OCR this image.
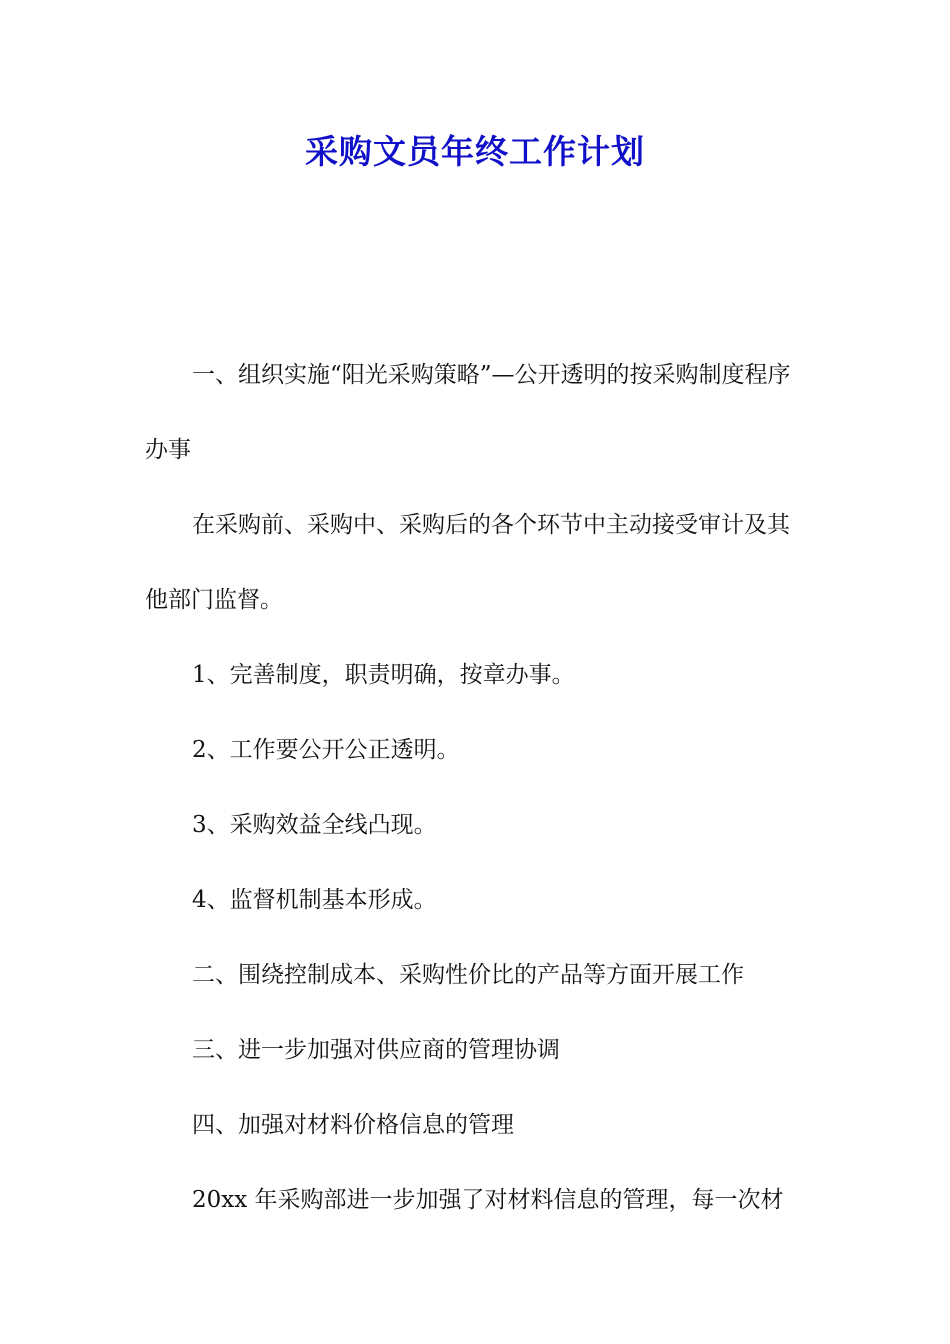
采购文员年终工作计划

一、组织实施“阳光采购策略”—公开透明的按采购制度程序办事

在采购前、采购中、采购后的各个环节中主动接受审计及其他部门监督。

1、完善制度，职责明确，按章办事。

2、工作要公开公正透明。

3、采购效益全线凸现。

4、监督机制基本形成。

二、围绕控制成本、采购性价比的产品等方面开展工作

三、进一步加强对供应商的管理协调

四、加强对材料价格信息的管理

20xx 年采购部进一步加强了对材料信息的管理，每一次材
